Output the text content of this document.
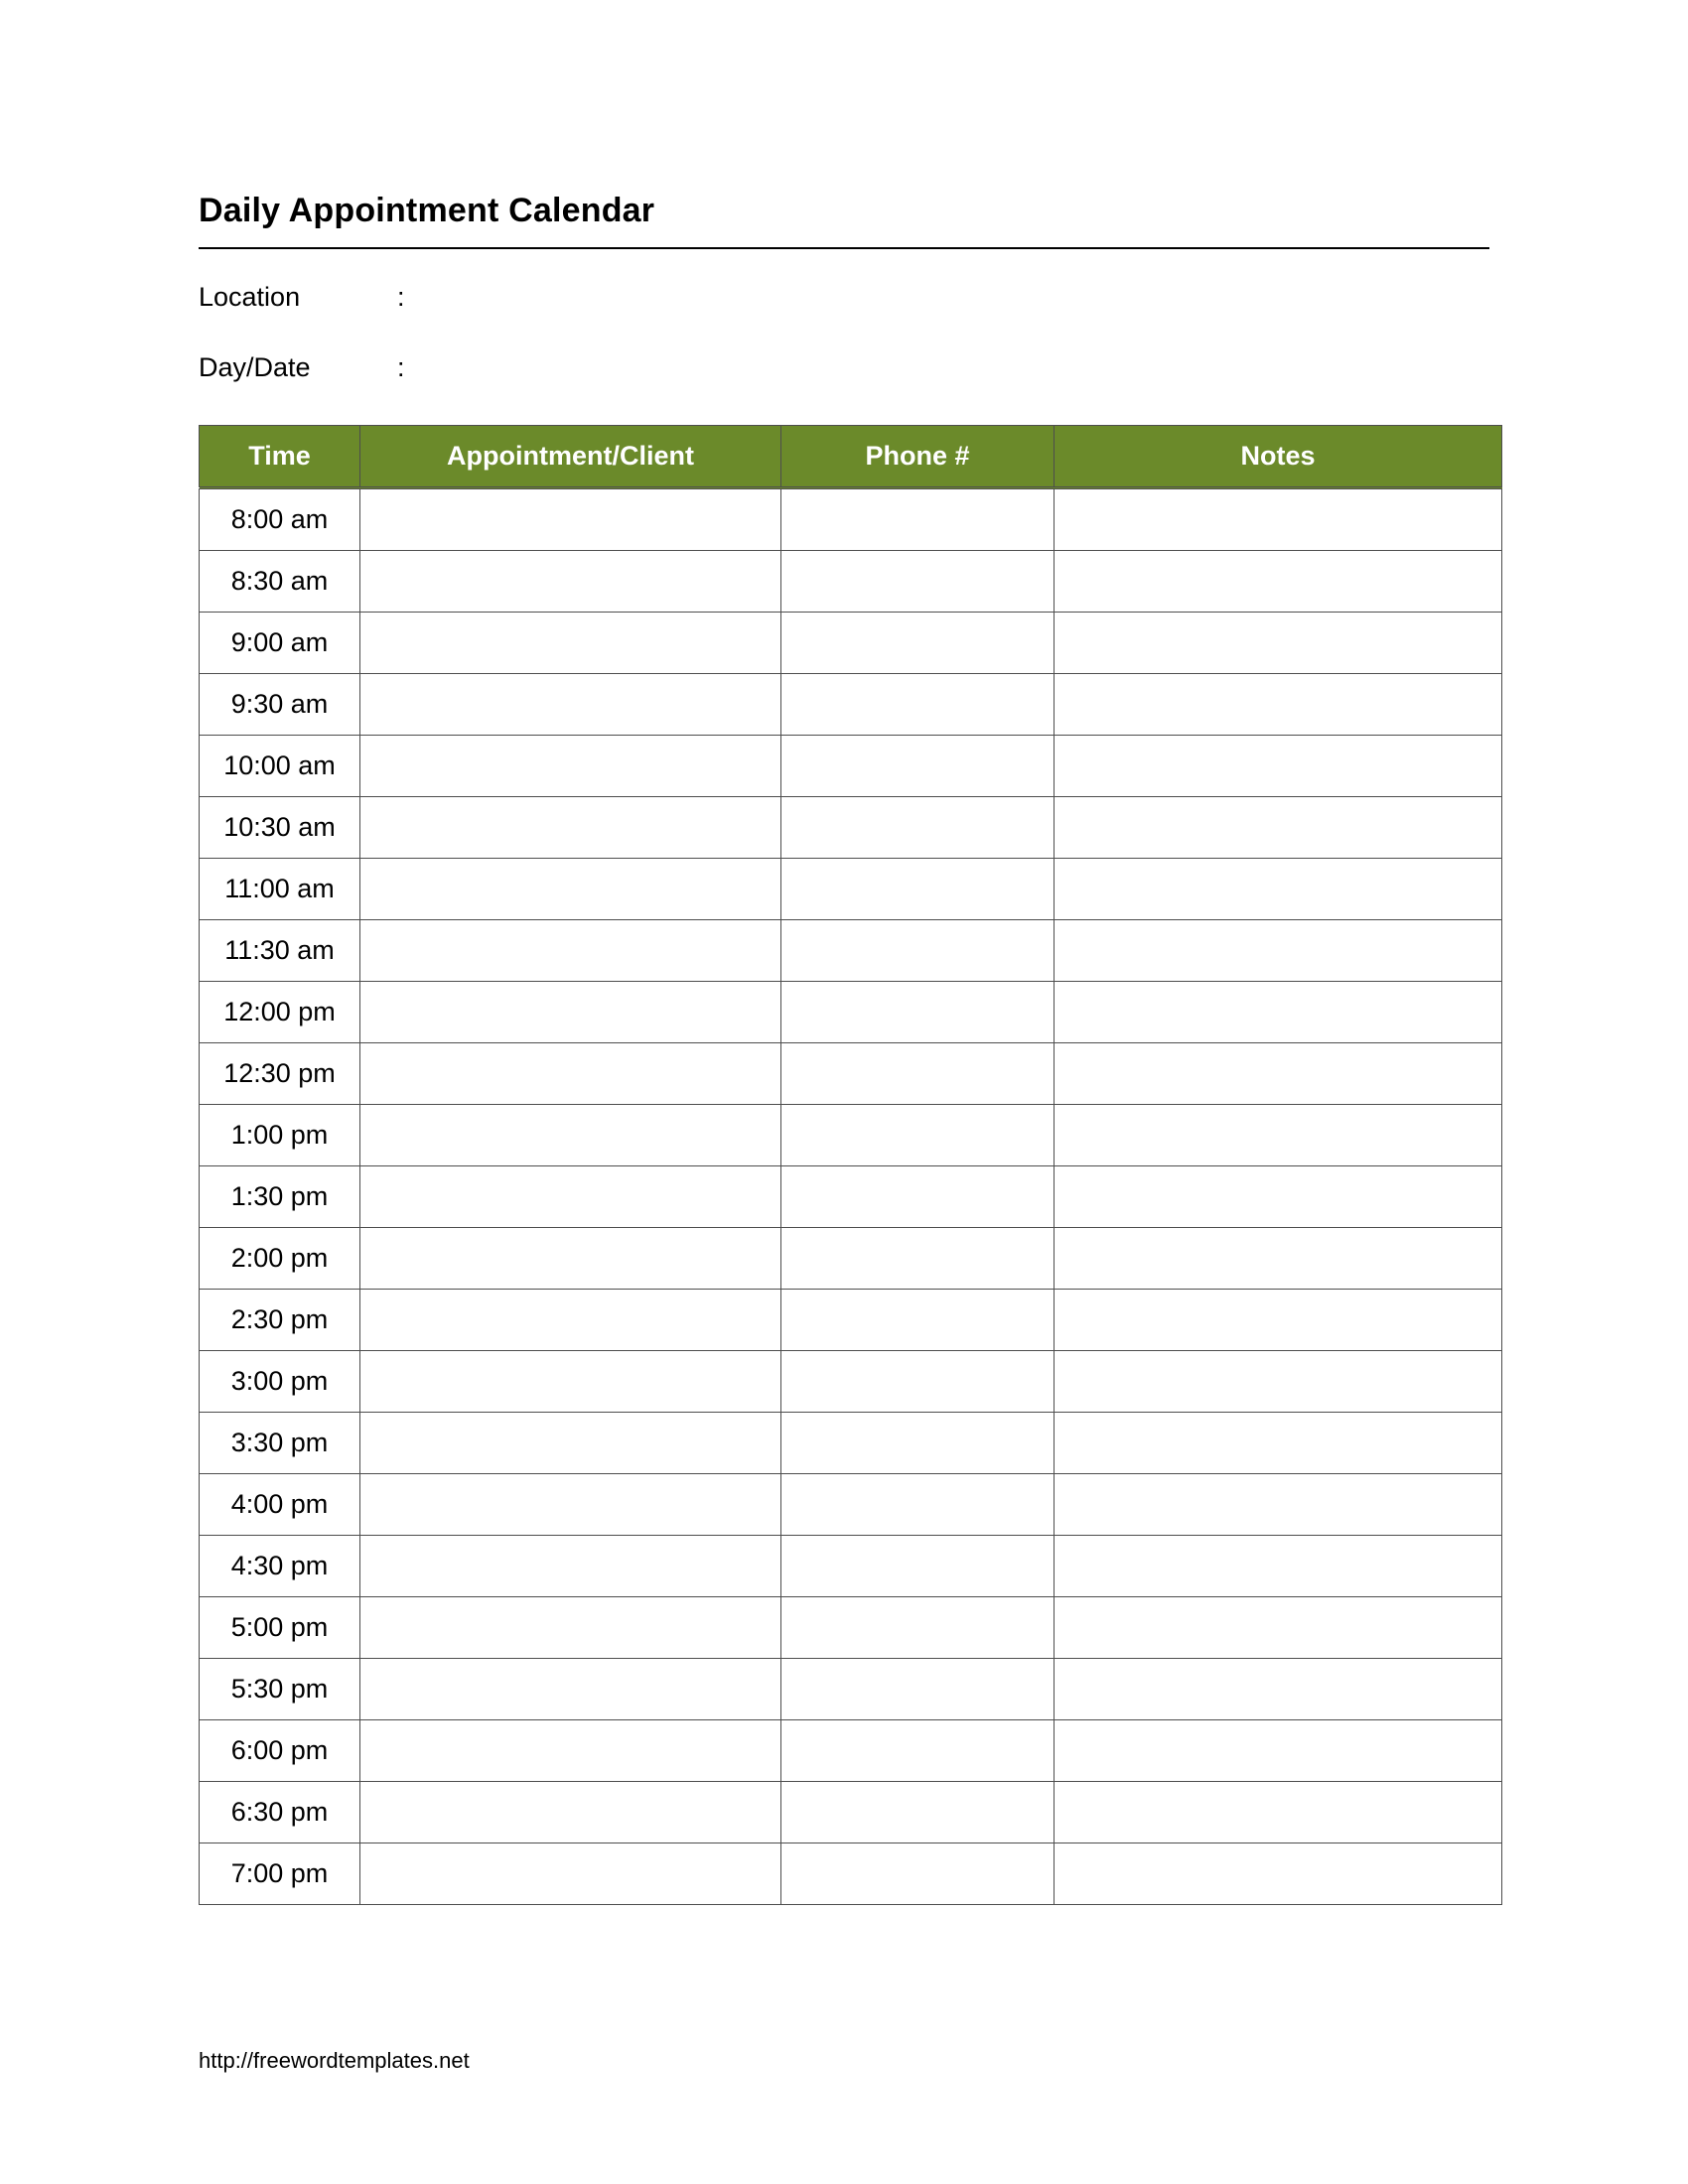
Daily Appointment Calendar
Location	:
Day/Date	:
Time	Appointment/Client	Phone #	Notes
8:00 am			
8:30 am			
9:00 am			
9:30 am			
10:00 am			
10:30 am			
11:00 am			
11:30 am			
12:00 pm			
12:30 pm			
1:00 pm			
1:30 pm			
2:00 pm			
2:30 pm			
3:00 pm			
3:30 pm			
4:00 pm			
4:30 pm			
5:00 pm			
5:30 pm			
6:00 pm			
6:30 pm			
7:00 pm			
http://freewordtemplates.net
